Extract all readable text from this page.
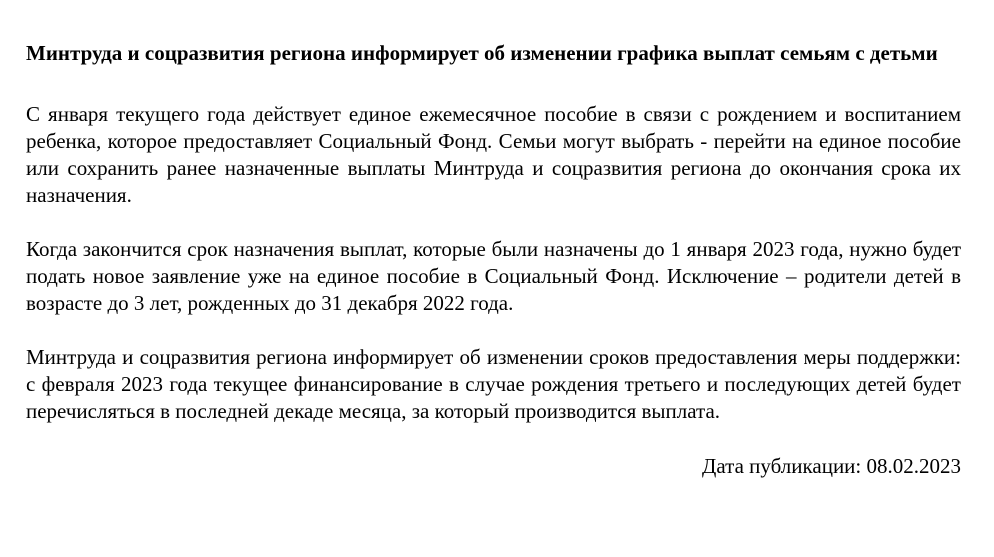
Минтруда и соцразвития региона информирует об изменении графика выплат семьям с детьми

С января текущего года действует единое ежемесячное пособие в связи с рождением и воспитанием ребенка, которое предоставляет Социальный Фонд. Семьи могут выбрать - перейти на единое пособие или сохранить ранее назначенные выплаты Минтруда и соцразвития региона до окончания срока их назначения.

Когда закончится срок назначения выплат, которые были назначены до 1 января 2023 года, нужно будет подать новое заявление уже на единое пособие в Социальный Фонд. Исключение – родители детей в возрасте до 3 лет, рожденных до 31 декабря 2022 года.

Минтруда и соцразвития региона информирует об изменении сроков предоставления меры поддержки: с февраля 2023 года текущее финансирование в случае рождения третьего и последующих детей будет перечисляться в последней декаде месяца, за который производится выплата.

Дата публикации: 08.02.2023
